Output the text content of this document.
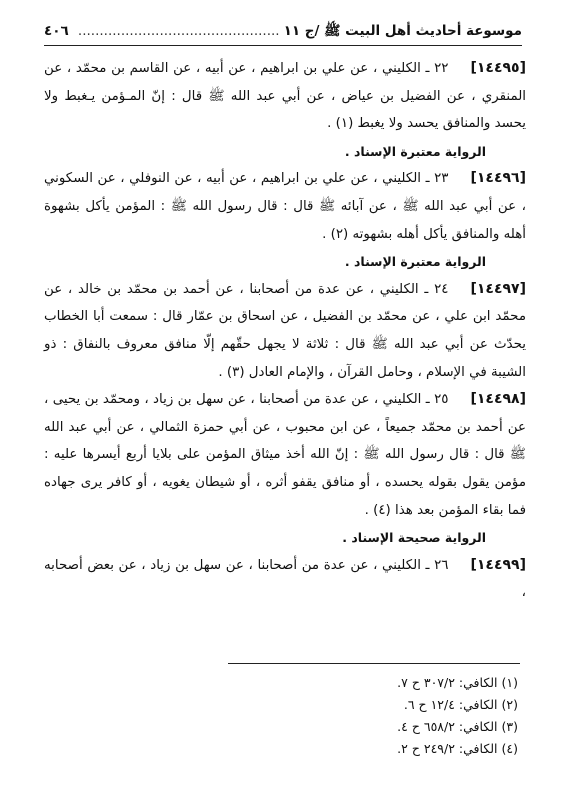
موسوعة أحاديث أهل البيت ﷺ /ج ١١
...............................................
٤٠٦

[١٤٤٩٥]٢٢ ـ الكليني ، عن علي بن ابراهيم ، عن أبيه ، عن القاسم بن محمّد ، عن المنقري ، عن الفضيل بن عياض ، عن أبي عبد الله ﷺ قال : إنّ المـؤمن يـغبط ولا يحسد والمنافق يحسد ولا يغبط (١) .

الرواية معتبرة الإسناد .

[١٤٤٩٦]٢٣ ـ الكليني ، عن علي بن ابراهيم ، عن أبيه ، عن النوفلي ، عن السكوني ، عن أبي عبد الله ﷺ ، عن آبائه ﷺ قال : قال رسول الله ﷺ : المؤمن يأكل بشهوة أهله والمنافق يأكل أهله بشهوته (٢) .

الرواية معتبرة الإسناد .

[١٤٤٩٧]٢٤ ـ الكليني ، عن عدة من أصحابنا ، عن أحمد بن محمّد بن خالد ، عن محمّد ابن علي ، عن محمّد بن الفضيل ، عن اسحاق بن عمّار قال : سمعت أبا الخطاب يحدّث عن أبي عبد الله ﷺ قال : ثلاثة لا يجهل حقّهم إلّا منافق معروف بالنفاق : ذو الشيبة في الإسلام ، وحامل القرآن ، والإمام العادل (٣) .

[١٤٤٩٨]٢٥ ـ الكليني ، عن عدة من أصحابنا ، عن سهل بن زياد ، ومحمّد بن يحيى ، عن أحمد بن محمّد جميعاً ، عن ابن محبوب ، عن أبي حمزة الثمالي ، عن أبي عبد الله ﷺ قال : قال رسول الله ﷺ : إنّ الله أخذ ميثاق المؤمن على بلايا أربع أيسرها عليه : مؤمن يقول بقوله يحسده ، أو منافق يقفو أثره ، أو شيطان يغويه ، أو كافر يرى جهاده فما بقاء المؤمن بعد هذا (٤) .

الرواية صحيحة الإسناد .

[١٤٤٩٩]٢٦ ـ الكليني ، عن عدة من أصحابنا ، عن سهل بن زياد ، عن بعض أصحابه ،

(١) الكافي: ٣٠٧/٢ ح ٧.
(٢) الكافي: ١٢/٤ ح ٦.
(٣) الكافي: ٦٥٨/٢ ح ٤.
(٤) الكافي: ٢٤٩/٢ ح ٢.
